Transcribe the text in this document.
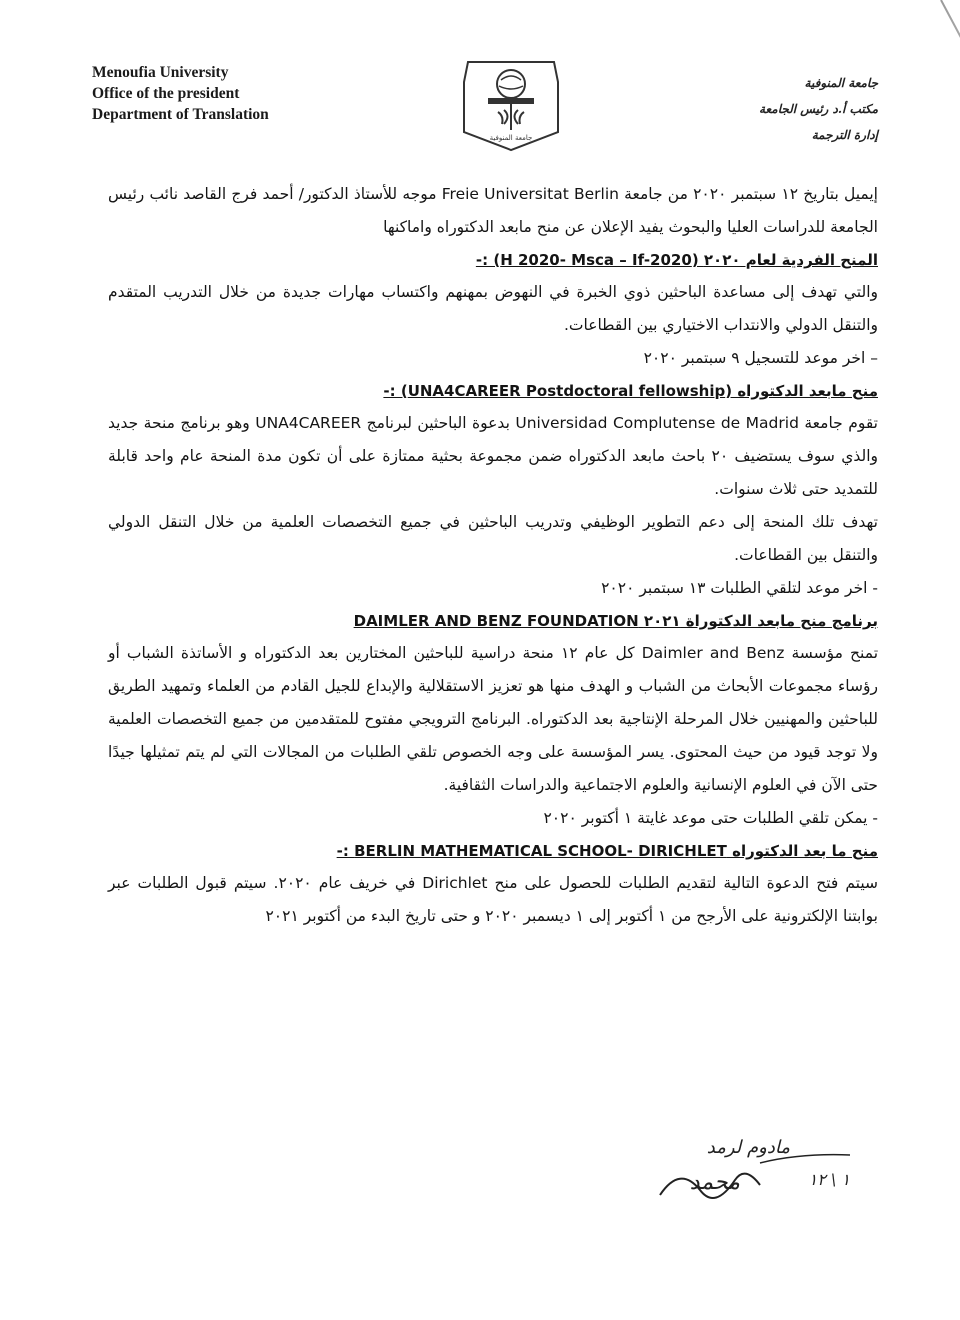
Menoufia University
Office of the president
Department of Translation
جامعة المنوفية
جامعة المنوفية
مكتب أ.د رئيس الجامعة
إدارة الترجمة

إيميل بتاريخ ١٢ سبتمبر ٢٠٢٠ من جامعة Freie Universitat Berlin موجه للأستاذ الدكتور/ أحمد فرج القاصد نائب رئيس الجامعة للدراسات العليا والبحوث يفيد الإعلان عن منح مابعد الدكتوراه واماكنها

المنح الفردية لعام ٢٠٢٠ (H 2020- Msca – If-2020) :-

والتي تهدف إلى مساعدة الباحثين ذوي الخبرة في النهوض بمهنهم واكتساب مهارات جديدة من خلال التدريب المتقدم والتنقل الدولي والانتداب الاختياري بين القطاعات.

– اخر موعد للتسجيل ٩ سبتمبر ٢٠٢٠

منح مابعد الدكتوراه (UNA4CAREER Postdoctoral fellowship) :-

تقوم جامعة Universidad Complutense de Madrid بدعوة الباحثين لبرنامج UNA4CAREER وهو برنامج منحة جديد والذي سوف يستضيف ٢٠ باحث مابعد الدكتوراه ضمن مجموعة بحثية ممتازة على أن تكون مدة المنحة عام واحد قابلة للتمديد حتى ثلاث سنوات.

تهدف تلك المنحة إلى دعم التطوير الوظيفي وتدريب الباحثين في جميع التخصصات العلمية من خلال التنقل الدولي والتنقل بين القطاعات.

- اخر موعد لتلقي الطلبات ١٣ سبتمبر ٢٠٢٠

برنامج منح مابعد الدكتوراة ٢٠٢١ DAIMLER AND BENZ FOUNDATION

تمنح مؤسسة Daimler and Benz كل عام ١٢ منحة دراسية للباحثين المختارين بعد الدكتوراه و الأساتذة الشباب أو رؤساء مجموعات الأبحاث من الشباب و الهدف منها هو تعزيز الاستقلالية والإبداع للجيل القادم من العلماء وتمهيد الطريق للباحثين والمهنيين خلال المرحلة الإنتاجية بعد الدكتوراه. البرنامج الترويجي مفتوح للمتقدمين من جميع التخصصات العلمية ولا توجد قيود من حيث المحتوى. يسر المؤسسة على وجه الخصوص تلقي الطلبات من المجالات التي لم يتم تمثيلها جيدًا حتى الآن في العلوم الإنسانية والعلوم الاجتماعية والدراسات الثقافية.

- يمكن تلقي الطلبات حتى موعد غايتة ١ أكتوبر ٢٠٢٠

منح ما بعد الدكتوراه BERLIN MATHEMATICAL SCHOOL- DIRICHLET :-

سيتم فتح الدعوة التالية لتقديم الطلبات للحصول على منح Dirichlet في خريف عام ٢٠٢٠. سيتم قبول الطلبات عبر بوابتنا الإلكترونية على الأرجح من ١ أكتوبر إلى ١ ديسمبر ٢٠٢٠ و حتى تاريخ البدء من أكتوبر ٢٠٢١

مادوم لرمد
١ \ ١٢
محمد
